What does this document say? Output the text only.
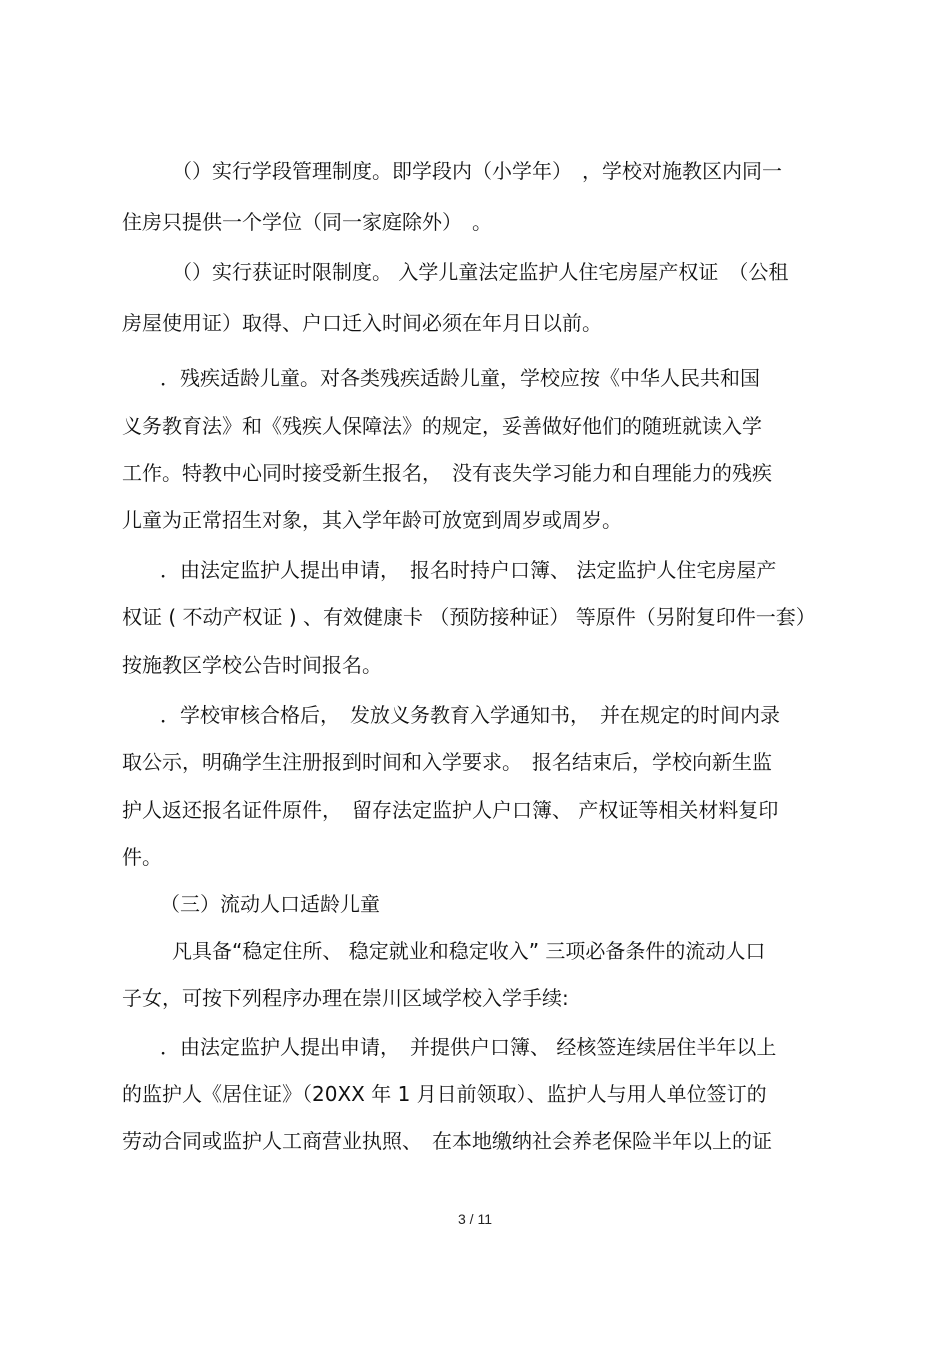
（）实行学段管理制度。即学段内（小学年）　，学校对施教区内同一
住房只提供一个学位（同一家庭除外）　。
（）实行获证时限制度。 入学儿童法定监护人住宅房屋产权证　（公租
房屋使用证）取得、户口迁入时间必须在年月日以前。
．残疾适龄儿童。对各类残疾适龄儿童，学校应按《中华人民共和国
义务教育法》和《残疾人保障法》的规定，妥善做好他们的随班就读入学
工作。特教中心同时接受新生报名，　没有丧失学习能力和自理能力的残疾
儿童为正常招生对象，其入学年龄可放宽到周岁或周岁。
．由法定监护人提出申请，　报名时持户口簿、 法定监护人住宅房屋产
权证 ( 不动产权证 ) 、有效健康卡 （预防接种证） 等原件（另附复印件一套）
按施教区学校公告时间报名。
．学校审核合格后，　发放义务教育入学通知书，　并在规定的时间内录
取公示，明确学生注册报到时间和入学要求。　报名结束后，学校向新生监
护人返还报名证件原件，　留存法定监护人户口簿、 产权证等相关材料复印
件。
（三）流动人口适龄儿童
凡具备“稳定住所、 稳定就业和稳定收入” 三项必备条件的流动人口
子女，可按下列程序办理在崇川区域学校入学手续:
．由法定监护人提出申请，　并提供户口簿、 经核签连续居住半年以上
的监护人《居住证》（20XX 年 1 月日前领取）、监护人与用人单位签订的
劳动合同或监护人工商营业执照、　在本地缴纳社会养老保险半年以上的证
3 / 11
